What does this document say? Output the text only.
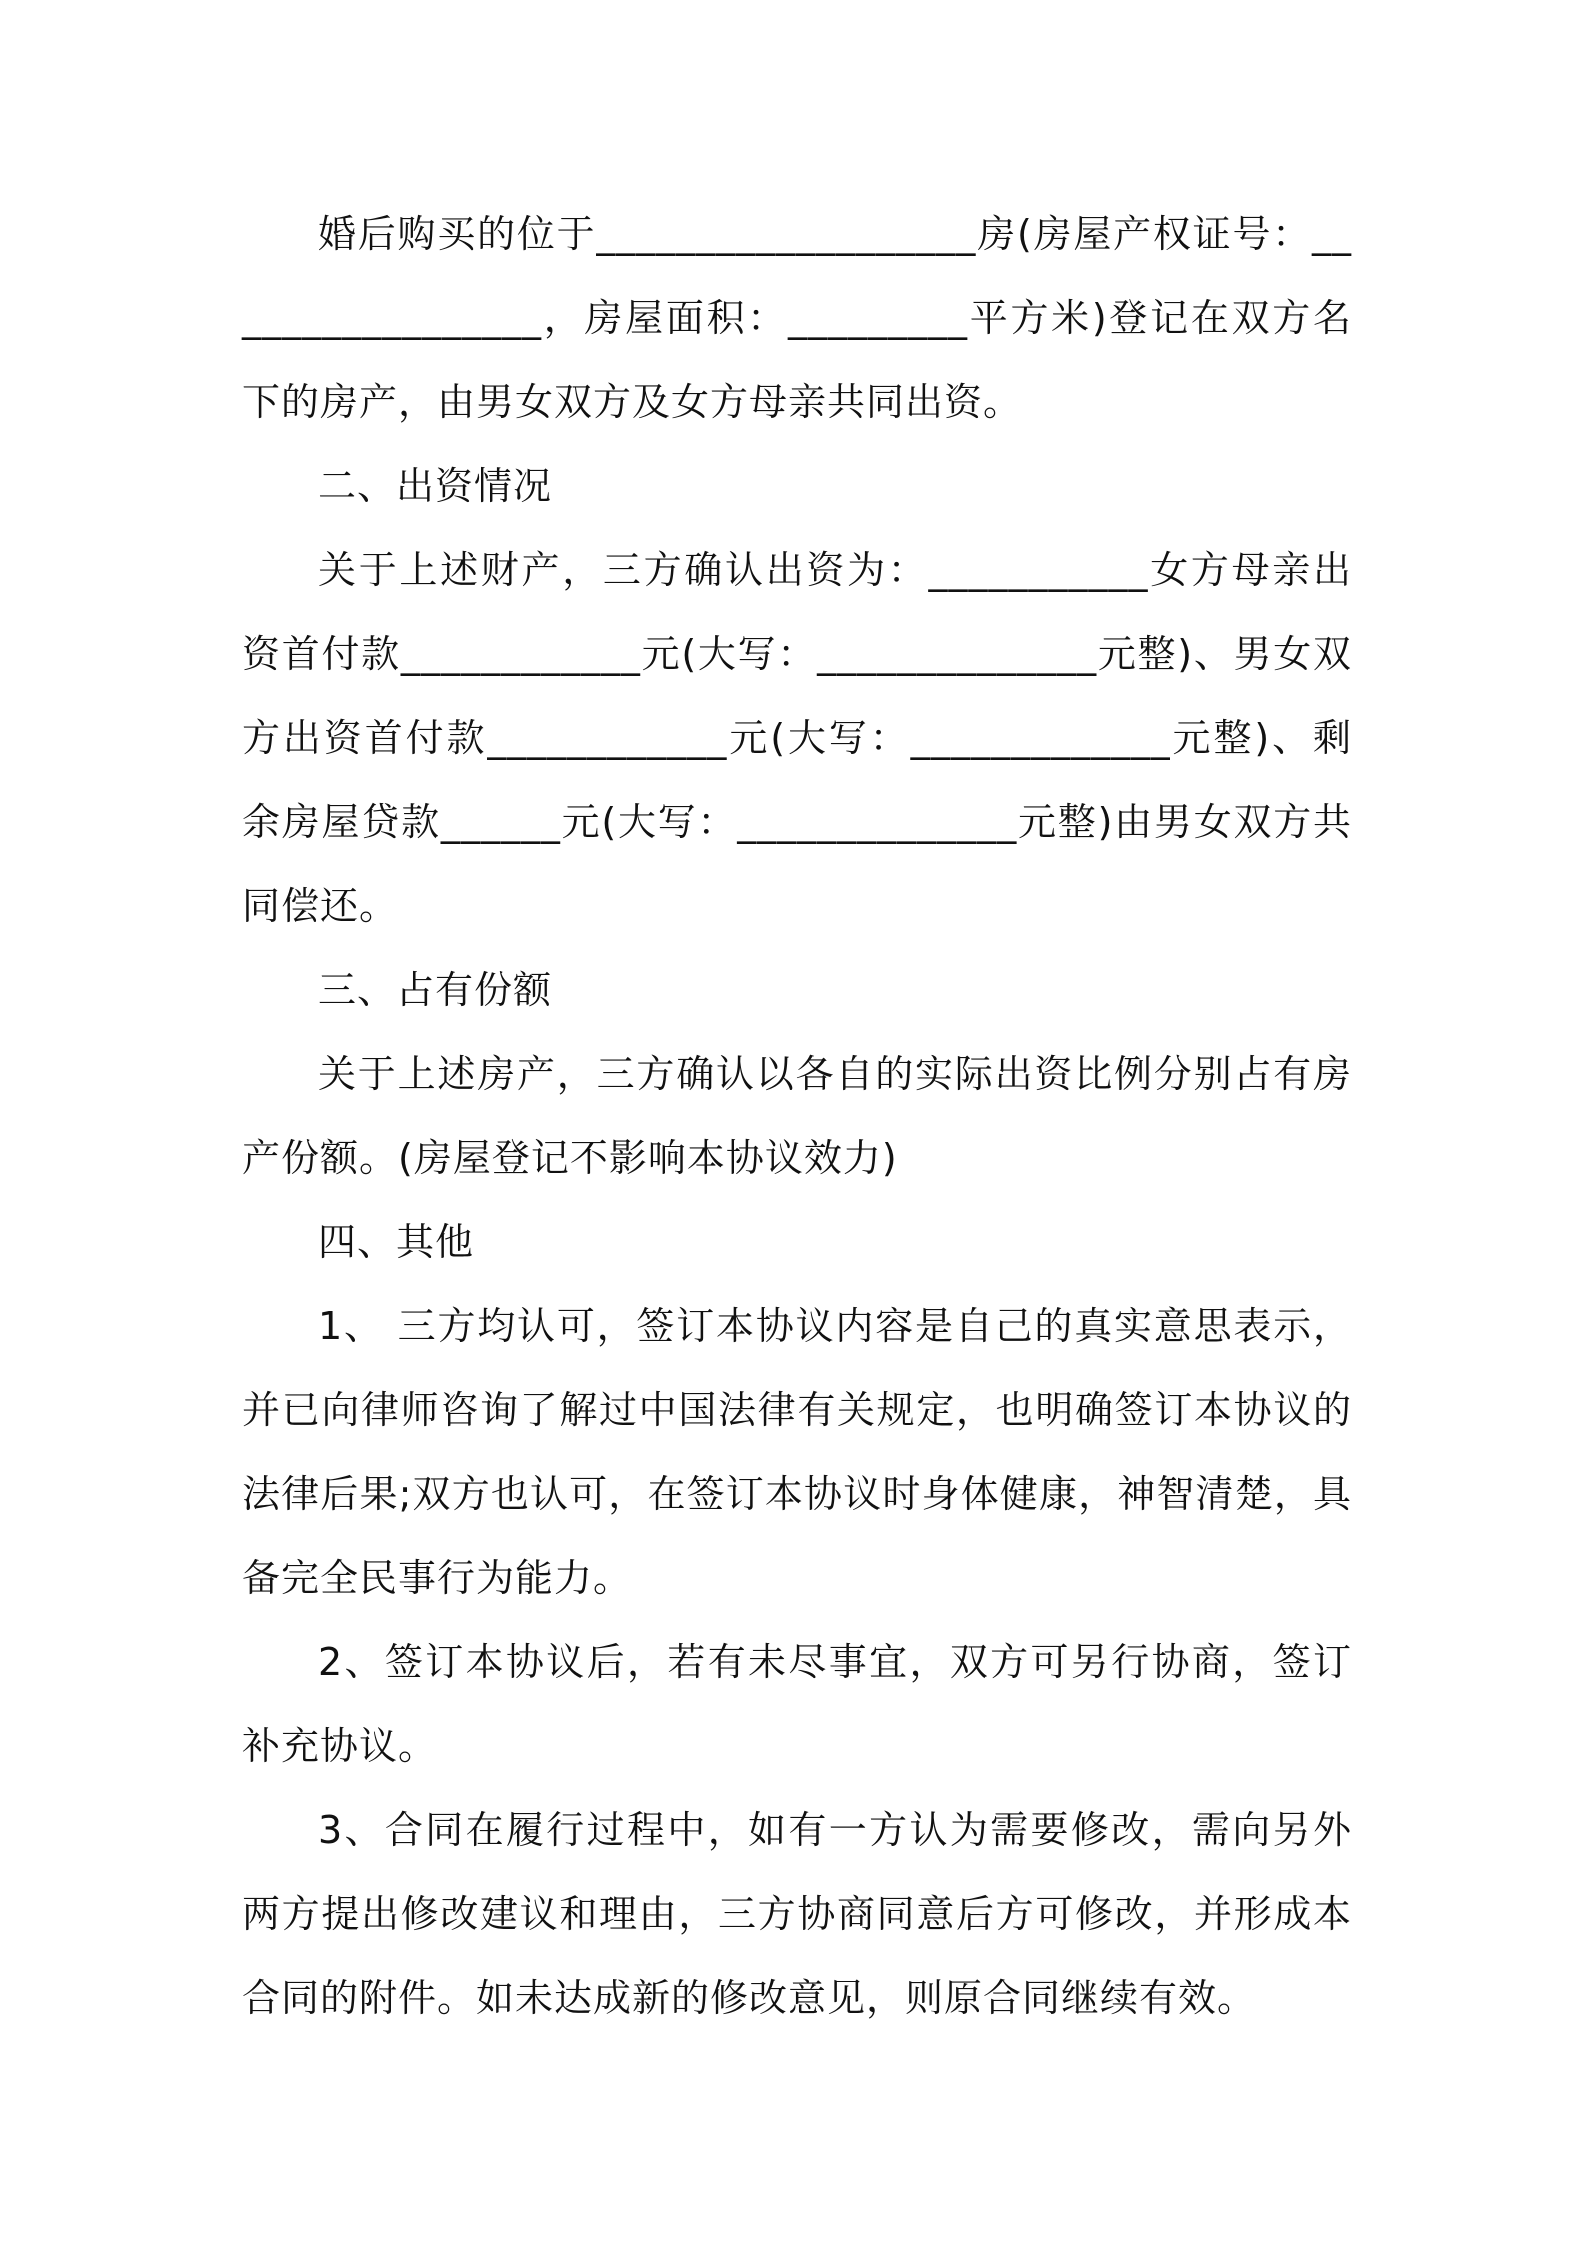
婚后购买的位于___________________房(房屋产权证号：_________________，房屋面积：_________平方米)登记在双方名下的房产，由男女双方及女方母亲共同出资。

二、出资情况

关于上述财产，三方确认出资为：___________女方母亲出资首付款____________元(大写：______________元整)、男女双方出资首付款____________元(大写：_____________元整)、剩余房屋贷款______元(大写：______________元整)由男女双方共同偿还。

三、占有份额

关于上述房产，三方确认以各自的实际出资比例分别占有房产份额。(房屋登记不影响本协议效力)

四、其他

1、 三方均认可，签订本协议内容是自己的真实意思表示，并已向律师咨询了解过中国法律有关规定，也明确签订本协议的法律后果;双方也认可，在签订本协议时身体健康，神智清楚，具备完全民事行为能力。

2、签订本协议后，若有未尽事宜，双方可另行协商，签订补充协议。

3、合同在履行过程中，如有一方认为需要修改，需向另外两方提出修改建议和理由，三方协商同意后方可修改，并形成本合同的附件。如未达成新的修改意见，则原合同继续有效。
